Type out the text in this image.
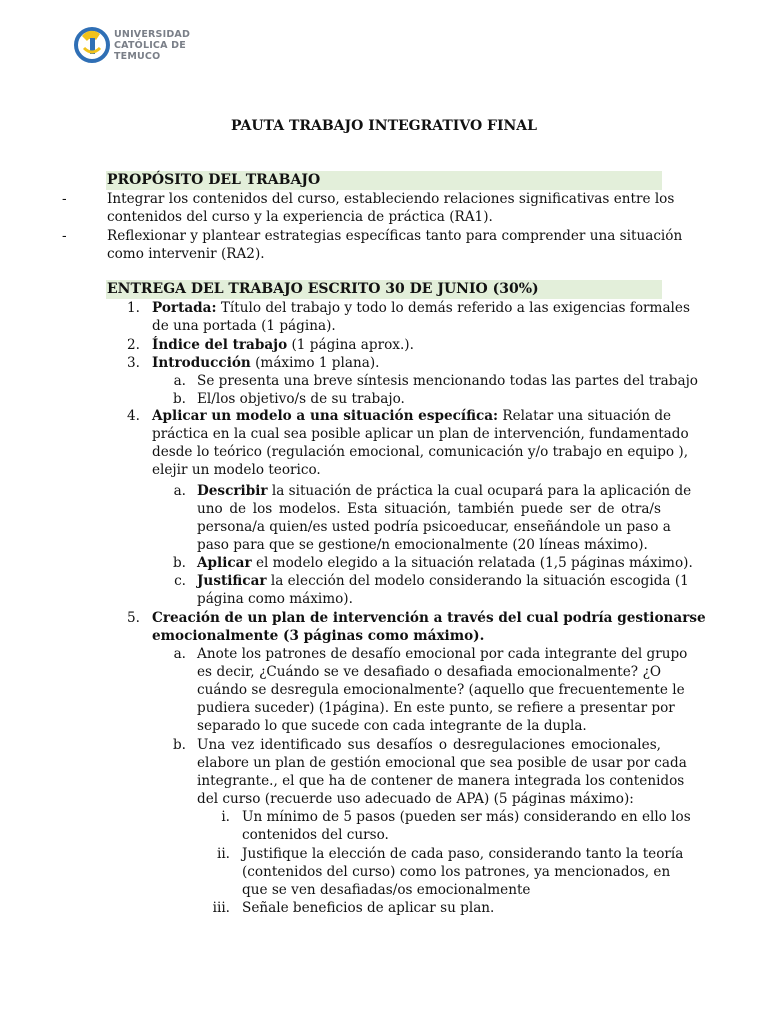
UNIVERSIDAD
CATÓLICA DE
TEMUCO
PAUTA TRABAJO INTEGRATIVO FINAL
PROPÓSITO DEL TRABAJO
-	Integrar los contenidos del curso, estableciendo relaciones significativas entre los
contenidos del curso y la experiencia de práctica (RA1).
-	Reflexionar y plantear estrategias específicas tanto para comprender una situación
como intervenir (RA2).
ENTREGA DEL TRABAJO ESCRITO 30 DE JUNIO (30%)
1. Portada: Título del trabajo y todo lo demás referido a las exigencias formales
de una portada (1 página).
2. Índice del trabajo (1 página aprox.).
3. Introducción (máximo 1 plana).
a. Se presenta una breve síntesis mencionando todas las partes del trabajo
b. El/los objetivo/s de su trabajo.
4. Aplicar un modelo a una situación específica: Relatar una situación de
práctica en la cual sea posible aplicar un plan de intervención, fundamentado
desde lo teórico (regulación emocional, comunicación y/o trabajo en equipo ),
elejir un modelo teorico.
a. Describir la situación de práctica la cual ocupará para la aplicación de
uno de los modelos. Esta situación, también puede ser de otra/s
persona/a quien/es usted podría psicoeducar, enseñándole un paso a
paso para que se gestione/n emocionalmente (20 líneas máximo).
b. Aplicar el modelo elegido a la situación relatada (1,5 páginas máximo).
c. Justificar la elección del modelo considerando la situación escogida (1
página como máximo).
5. Creación de un plan de intervención a través del cual podría gestionarse
emocionalmente (3 páginas como máximo).
a. Anote los patrones de desafío emocional por cada integrante del grupo
es decir, ¿Cuándo se ve desafiado o desafiada emocionalmente? ¿O
cuándo se desregula emocionalmente? (aquello que frecuentemente le
pudiera suceder) (1página). En este punto, se refiere a presentar por
separado lo que sucede con cada integrante de la dupla.
b. Una vez identificado sus desafíos o desregulaciones emocionales,
elabore un plan de gestión emocional que sea posible de usar por cada
integrante., el que ha de contener de manera integrada los contenidos
del curso (recuerde uso adecuado de APA) (5 páginas máximo):
i. Un mínimo de 5 pasos (pueden ser más) considerando en ello los
contenidos del curso.
ii. Justifique la elección de cada paso, considerando tanto la teoría
(contenidos del curso) como los patrones, ya mencionados, en
que se ven desafiadas/os emocionalmente
iii. Señale beneficios de aplicar su plan.
